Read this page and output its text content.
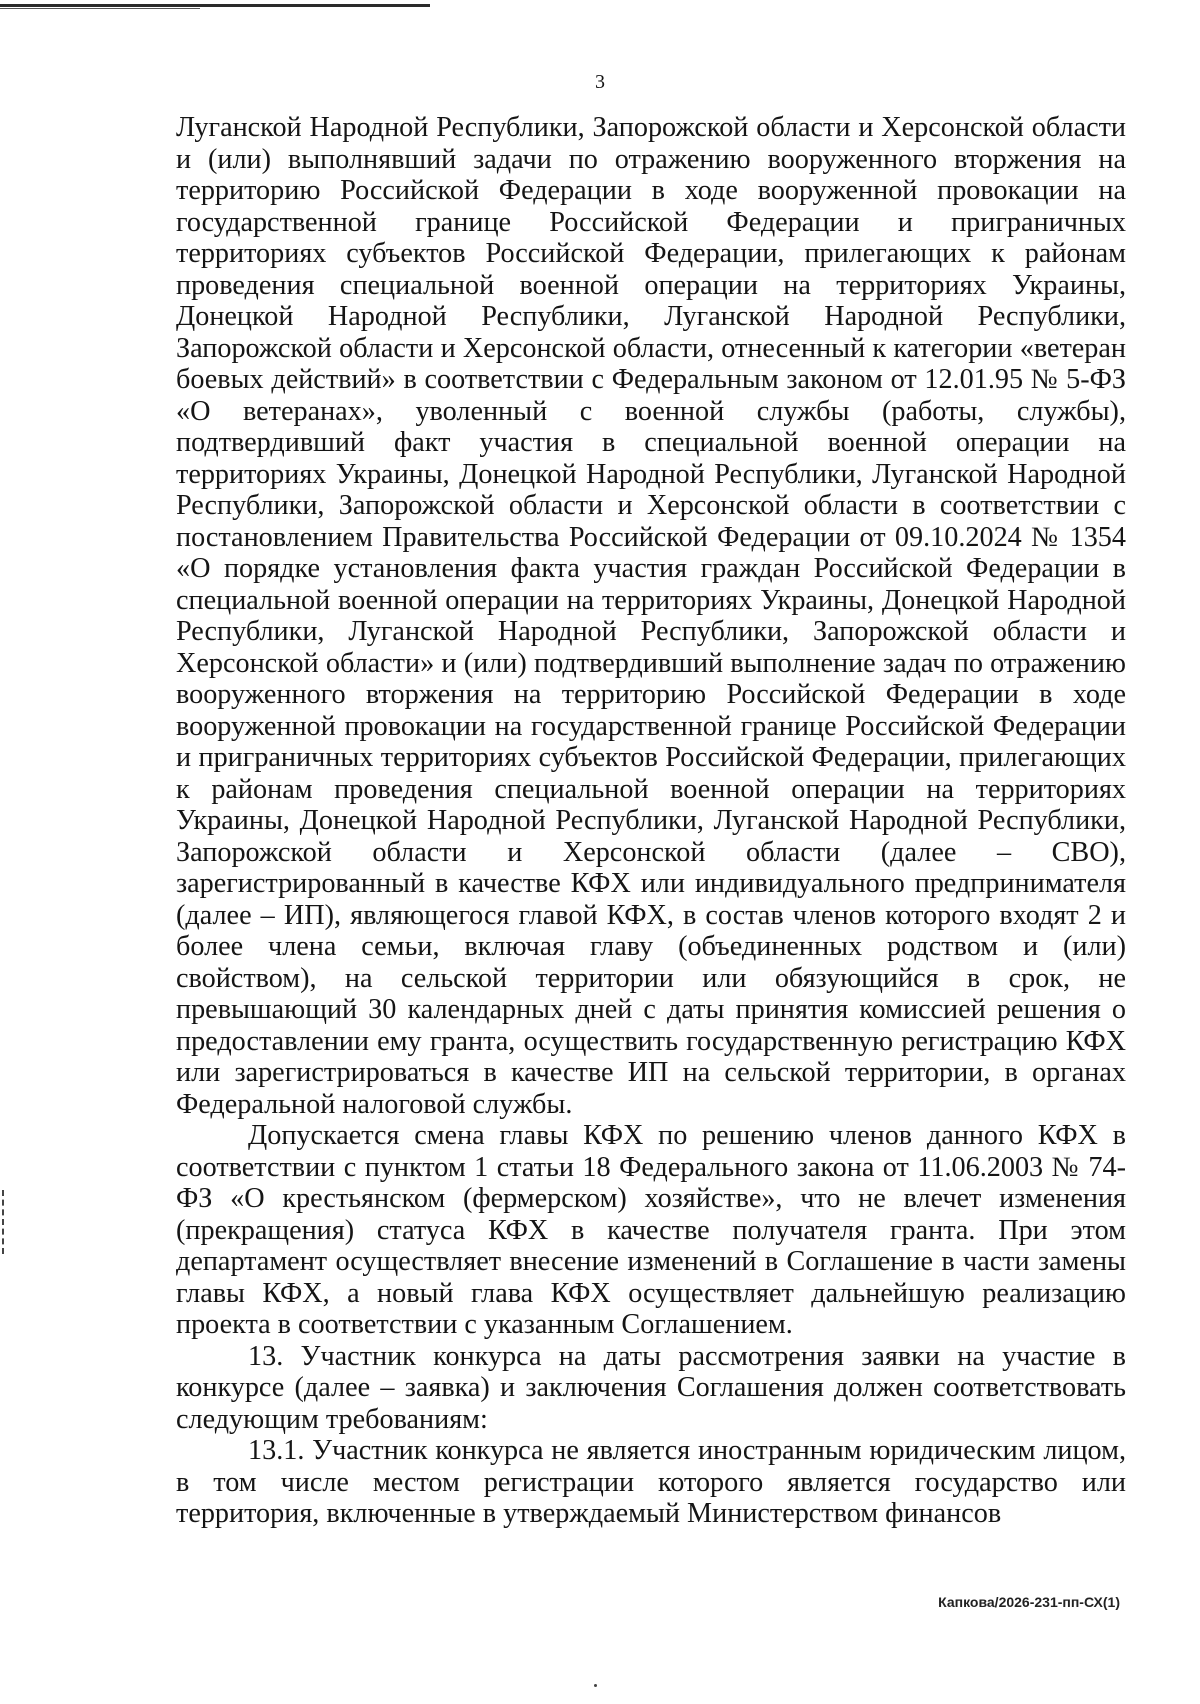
3

Луганской Народной Республики, Запорожской области и Херсонской области и (или) выполнявший задачи по отражению вооруженного вторжения на территорию Российской Федерации в ходе вооруженной провокации на государственной границе Российской Федерации и приграничных территориях субъектов Российской Федерации, прилегающих к районам проведения специальной военной операции на территориях Украины, Донецкой Народной Республики, Луганской Народной Республики, Запорожской области и Херсонской области, отнесенный к категории «ветеран боевых действий» в соответствии с Федеральным законом от 12.01.95 № 5-ФЗ «О ветеранах», уволенный с военной службы (работы, службы), подтвердивший факт участия в специальной военной операции на территориях Украины, Донецкой Народной Республики, Луганской Народной Республики, Запорожской области и Херсонской области в соответствии с постановлением Правительства Российской Федерации от 09.10.2024 № 1354 «О порядке установления факта участия граждан Российской Федерации в специальной военной операции на территориях Украины, Донецкой Народной Республики, Луганской Народной Республики, Запорожской области и Херсонской области» и (или) подтвердивший выполнение задач по отражению вооруженного вторжения на территорию Российской Федерации в ходе вооруженной провокации на государственной границе Российской Федерации и приграничных территориях субъектов Российской Федерации, прилегающих к районам проведения специальной военной операции на территориях Украины, Донецкой Народной Республики, Луганской Народной Республики, Запорожской области и Херсонской области (далее – СВО), зарегистрированный в качестве КФХ или индивидуального предпринимателя (далее – ИП), являющегося главой КФХ, в состав членов которого входят 2 и более члена семьи, включая главу (объединенных родством и (или) свойством), на сельской территории или обязующийся в срок, не превышающий 30 календарных дней с даты принятия комиссией решения о предоставлении ему гранта, осуществить государственную регистрацию КФХ или зарегистрироваться в качестве ИП на сельской территории, в органах Федеральной налоговой службы.

Допускается смена главы КФХ по решению членов данного КФХ в соответствии с пунктом 1 статьи 18 Федерального закона от 11.06.2003 № 74-ФЗ «О крестьянском (фермерском) хозяйстве», что не влечет изменения (прекращения) статуса КФХ в качестве получателя гранта. При этом департамент осуществляет внесение изменений в Соглашение в части замены главы КФХ, а новый глава КФХ осуществляет дальнейшую реализацию проекта в соответствии с указанным Соглашением.

13. Участник конкурса на даты рассмотрения заявки на участие в конкурсе (далее – заявка) и заключения Соглашения должен соответствовать следующим требованиям:

13.1. Участник конкурса не является иностранным юридическим лицом, в том числе местом регистрации которого является государство или территория, включенные в утверждаемый Министерством финансов

Капкова/2026-231-пп-СХ(1)
